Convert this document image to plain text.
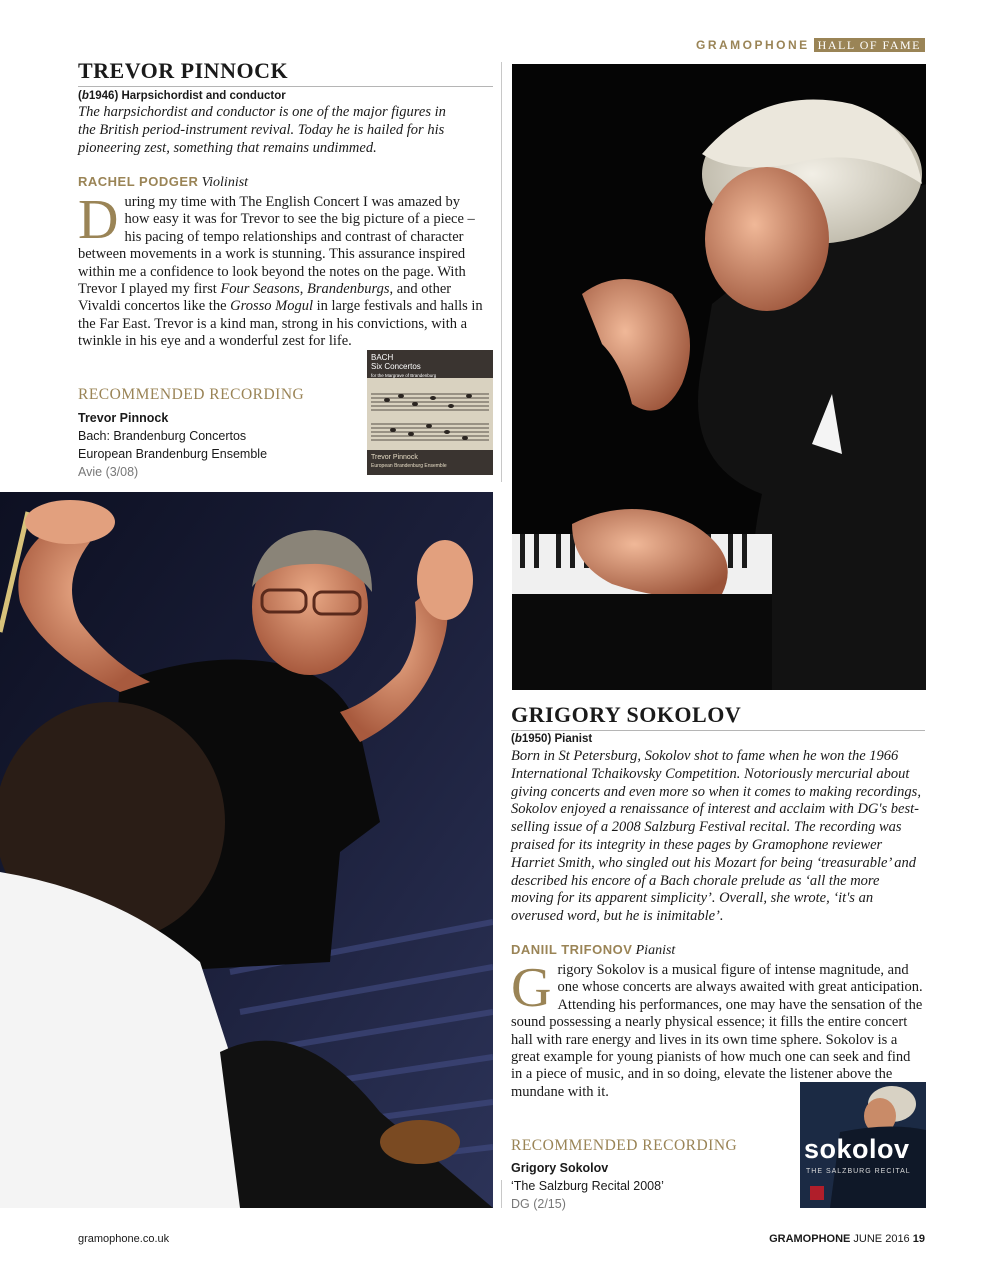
GRAMOPHONE HALL OF FAME
TREVOR PINNOCK
(b1946) Harpsichordist and conductor
The harpsichordist and conductor is one of the major figures in the British period-instrument revival. Today he is hailed for his pioneering zest, something that remains undimmed.
RACHEL PODGER Violinist
During my time with The English Concert I was amazed by how easy it was for Trevor to see the big picture of a piece – his pacing of tempo relationships and contrast of character between movements in a work is stunning. This assurance inspired within me a confidence to look beyond the notes on the page. With Trevor I played my first Four Seasons, Brandenburgs, and other Vivaldi concertos like the Grosso Mogul in large festivals and halls in the Far East. Trevor is a kind man, strong in his convictions, with a twinkle in his eye and a wonderful zest for life.
RECOMMENDED RECORDING
Trevor Pinnock
Bach: Brandenburg Concertos
European Brandenburg Ensemble
Avie (3/08)
BACH
Six Concertos
for the Margrave of Brandenburg
Trevor Pinnock
European Brandenburg Ensemble
GRIGORY SOKOLOV
(b1950) Pianist
Born in St Petersburg, Sokolov shot to fame when he won the 1966 International Tchaikovsky Competition. Notoriously mercurial about giving concerts and even more so when it comes to making recordings, Sokolov enjoyed a renaissance of interest and acclaim with DG's best-selling issue of a 2008 Salzburg Festival recital. The recording was praised for its integrity in these pages by Gramophone reviewer Harriet Smith, who singled out his Mozart for being ‘treasurable’ and described his encore of a Bach chorale prelude as ‘all the more moving for its apparent simplicity’. Overall, she wrote, ‘it's an overused word, but he is inimitable’.
DANIIL TRIFONOV Pianist
Grigory Sokolov is a musical figure of intense magnitude, and one whose concerts are always awaited with great anticipation. Attending his performances, one may have the sensation of the sound possessing a nearly physical essence; it fills the entire concert hall with rare energy and lives in its own time sphere. Sokolov is a great example for young pianists of how much one can seek and find in a piece of music, and in so doing, elevate the listener above the mundane with it.
RECOMMENDED RECORDING
Grigory Sokolov
‘The Salzburg Recital 2008’
DG (2/15)
sokolov
THE SALZBURG RECITAL
gramophone.co.uk	GRAMOPHONE JUNE 2016 19
